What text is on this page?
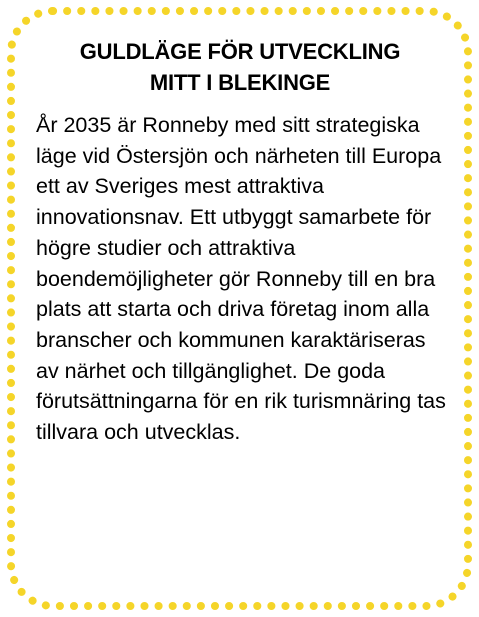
GULDLÄGE FÖR UTVECKLING
MITT I BLEKINGE

År 2035 är Ronneby med sitt strategiska läge vid Östersjön och närheten till Europa ett av Sveriges mest attraktiva innovationsnav. Ett utbyggt samarbete för högre studier och attraktiva boendemöjligheter gör Ronneby till en bra plats att starta och driva företag inom alla branscher och kommunen karaktäriseras av närhet och tillgänglighet. De goda förutsättningarna för en rik turismnäring tas tillvara och utvecklas.
